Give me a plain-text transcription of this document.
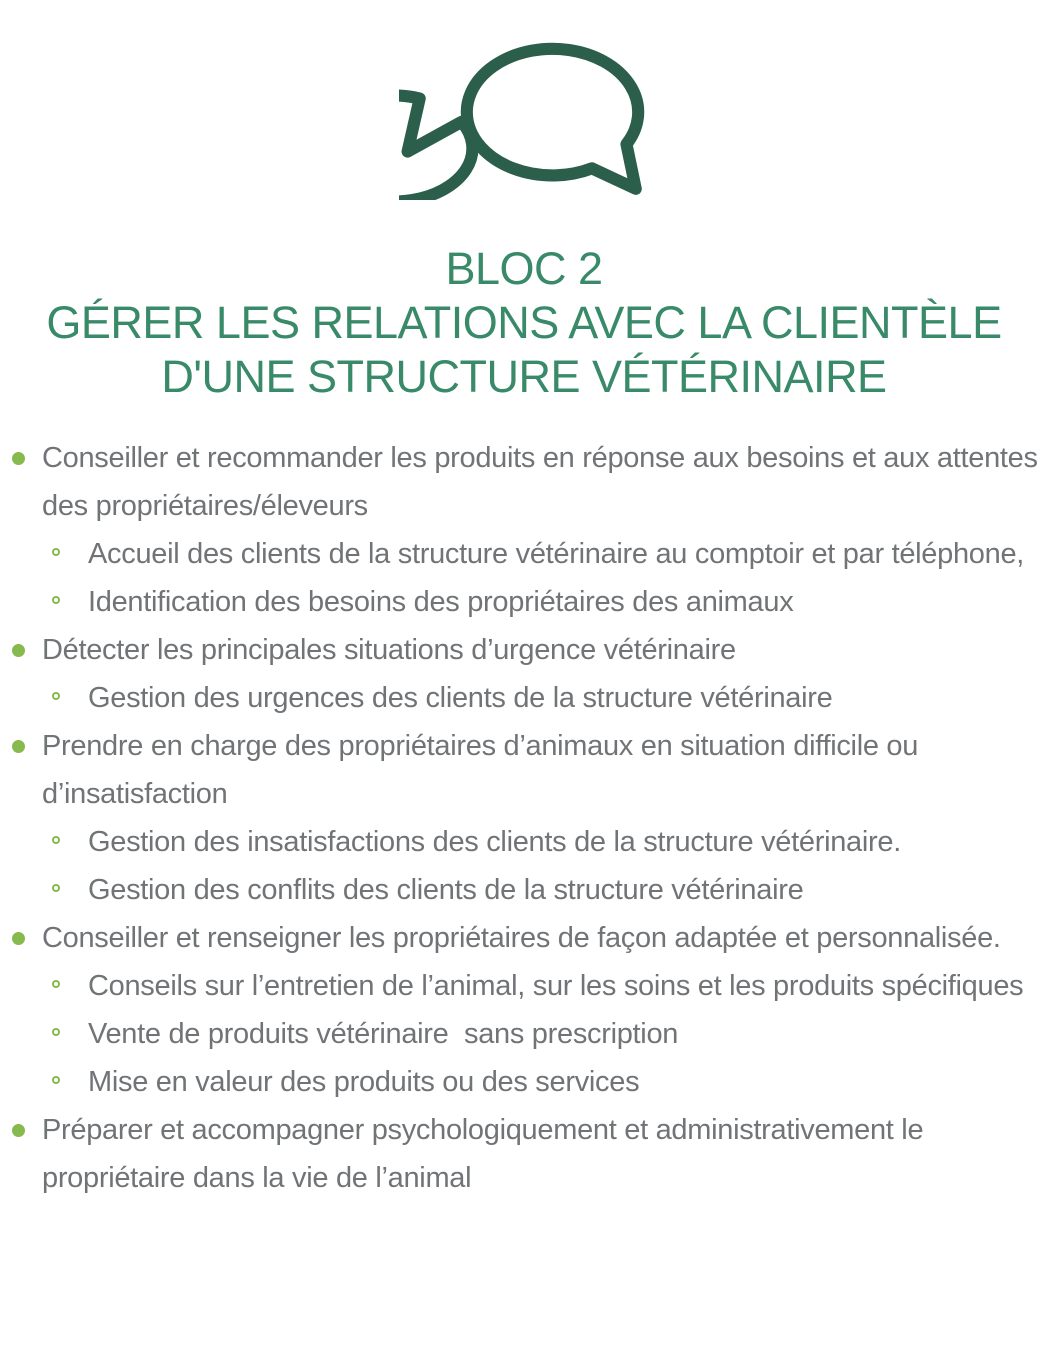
BLOC 2
GÉRER LES RELATIONS AVEC LA CLIENTÈLE
D'UNE STRUCTURE VÉTÉRINAIRE
Conseiller et recommander les produits en réponse aux besoins et aux attentes des propriétaires/éleveurs
Accueil des clients de la structure vétérinaire au comptoir et par téléphone,
Identification des besoins des propriétaires des animaux
Détecter les principales situations d’urgence vétérinaire
Gestion des urgences des clients de la structure vétérinaire
Prendre en charge des propriétaires d’animaux en situation difficile ou d’insatisfaction
Gestion des insatisfactions des clients de la structure vétérinaire.
Gestion des conflits des clients de la structure vétérinaire
Conseiller et renseigner les propriétaires de façon adaptée et personnalisée.
Conseils sur l’entretien de l’animal, sur les soins et les produits spécifiques
Vente de produits vétérinaire  sans prescription
Mise en valeur des produits ou des services
Préparer et accompagner psychologiquement et administrativement le propriétaire dans la vie de l’animal
